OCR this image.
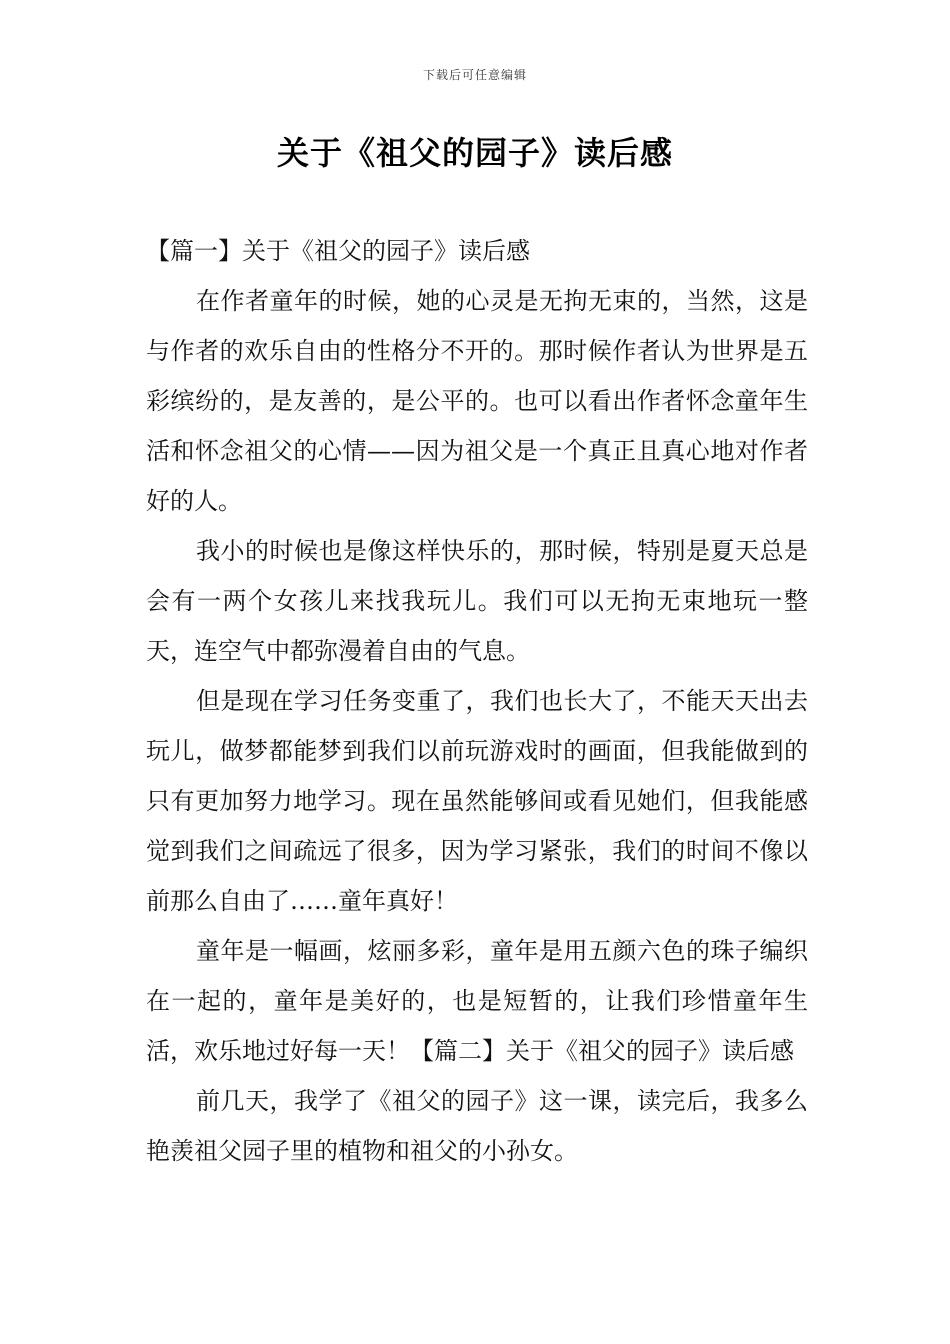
下载后可任意编辑
关于《祖父的园子》读后感

【篇一】关于《祖父的园子》读后感

在作者童年的时候，她的心灵是无拘无束的，当然，这是与作者的欢乐自由的性格分不开的。那时候作者认为世界是五彩缤纷的，是友善的，是公平的。也可以看出作者怀念童年生活和怀念祖父的心情——因为祖父是一个真正且真心地对作者好的人。

我小的时候也是像这样快乐的，那时候，特别是夏天总是会有一两个女孩儿来找我玩儿。我们可以无拘无束地玩一整天，连空气中都弥漫着自由的气息。

但是现在学习任务变重了，我们也长大了，不能天天出去玩儿，做梦都能梦到我们以前玩游戏时的画面，但我能做到的只有更加努力地学习。现在虽然能够间或看见她们，但我能感觉到我们之间疏远了很多，因为学习紧张，我们的时间不像以前那么自由了……童年真好！

童年是一幅画，炫丽多彩，童年是用五颜六色的珠子编织在一起的，童年是美好的，也是短暂的，让我们珍惜童年生活，欢乐地过好每一天！【篇二】关于《祖父的园子》读后感

前几天，我学了《祖父的园子》这一课，读完后，我多么艳羡祖父园子里的植物和祖父的小孙女。
